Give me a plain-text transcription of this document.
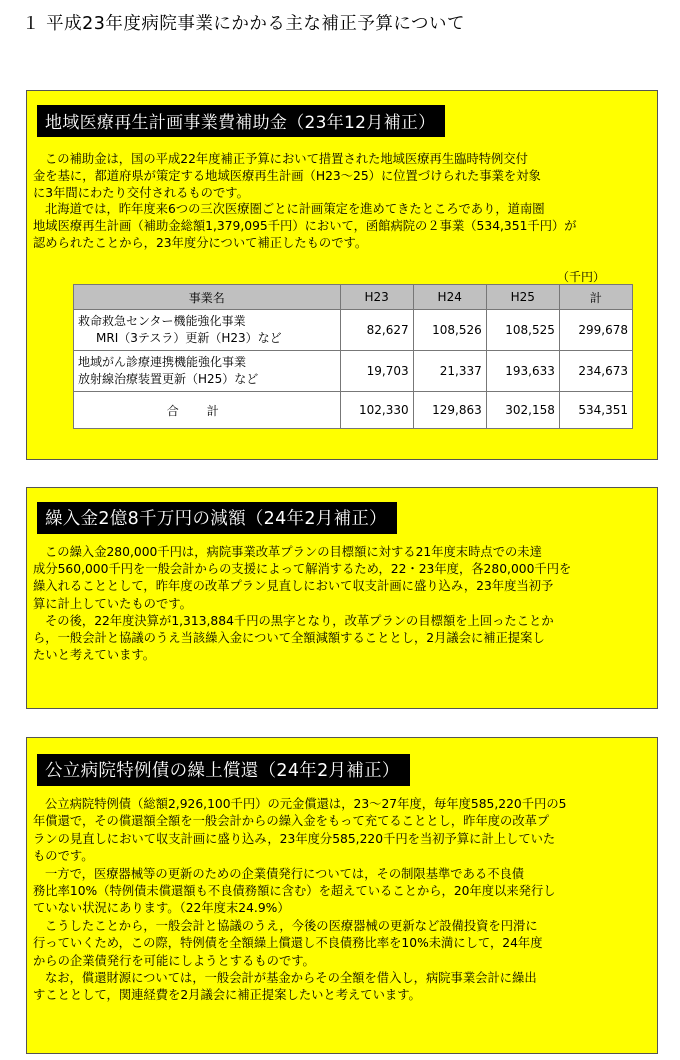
１ 平成23年度病院事業にかかる主な補正予算について
地域医療再生計画事業費補助金（23年12月補正）

この補助金は，国の平成22年度補正予算において措置された地域医療再生臨時特例交付

金を基に，都道府県が策定する地域医療再生計画（H23〜25）に位置づけられた事業を対象

に3年間にわたり交付されるものです。

北海道では，昨年度来6つの三次医療圏ごとに計画策定を進めてきたところであり，道南圏

地域医療再生計画（補助金総額1,379,095千円）において，函館病院の２事業（534,351千円）が

認められたことから，23年度分について補正したものです。

（千円）
事業名	H23	H24	H25	計

救命救急センター機能強化事業
MRI（3テスラ）更新（H23）など	82,627	108,526	108,525	299,678

地域がん診療連携機能強化事業
放射線治療装置更新（H25）など	19,703	21,337	193,633	234,673
合計	102,330	129,863	302,158	534,351
繰入金2億8千万円の減額（24年2月補正）

この繰入金280,000千円は，病院事業改革プランの目標額に対する21年度末時点での未達

成分560,000千円を一般会計からの支援によって解消するため，22・23年度，各280,000千円を

繰入れることとして，昨年度の改革プラン見直しにおいて収支計画に盛り込み，23年度当初予

算に計上していたものです。

その後，22年度決算が1,313,884千円の黒字となり，改革プランの目標額を上回ったことか

ら，一般会計と協議のうえ当該繰入金について全額減額することとし，2月議会に補正提案し

たいと考えています。

公立病院特例債の繰上償還（24年2月補正）

公立病院特例債（総額2,926,100千円）の元金償還は，23〜27年度，毎年度585,220千円の5

年償還で，その償還額全額を一般会計からの繰入金をもって充てることとし，昨年度の改革プ

ランの見直しにおいて収支計画に盛り込み，23年度分585,220千円を当初予算に計上していた

ものです。

一方で，医療器械等の更新のための企業債発行については，その制限基準である不良債

務比率10%（特例債未償還額も不良債務額に含む）を超えていることから，20年度以来発行し

ていない状況にあります。（22年度末24.9%）

こうしたことから，一般会計と協議のうえ，今後の医療器械の更新など設備投資を円滑に

行っていくため，この際，特例債を全額繰上償還し不良債務比率を10%未満にして，24年度

からの企業債発行を可能にしようとするものです。

なお，償還財源については，一般会計が基金からその全額を借入し，病院事業会計に繰出

すこととして，関連経費を2月議会に補正提案したいと考えています。
